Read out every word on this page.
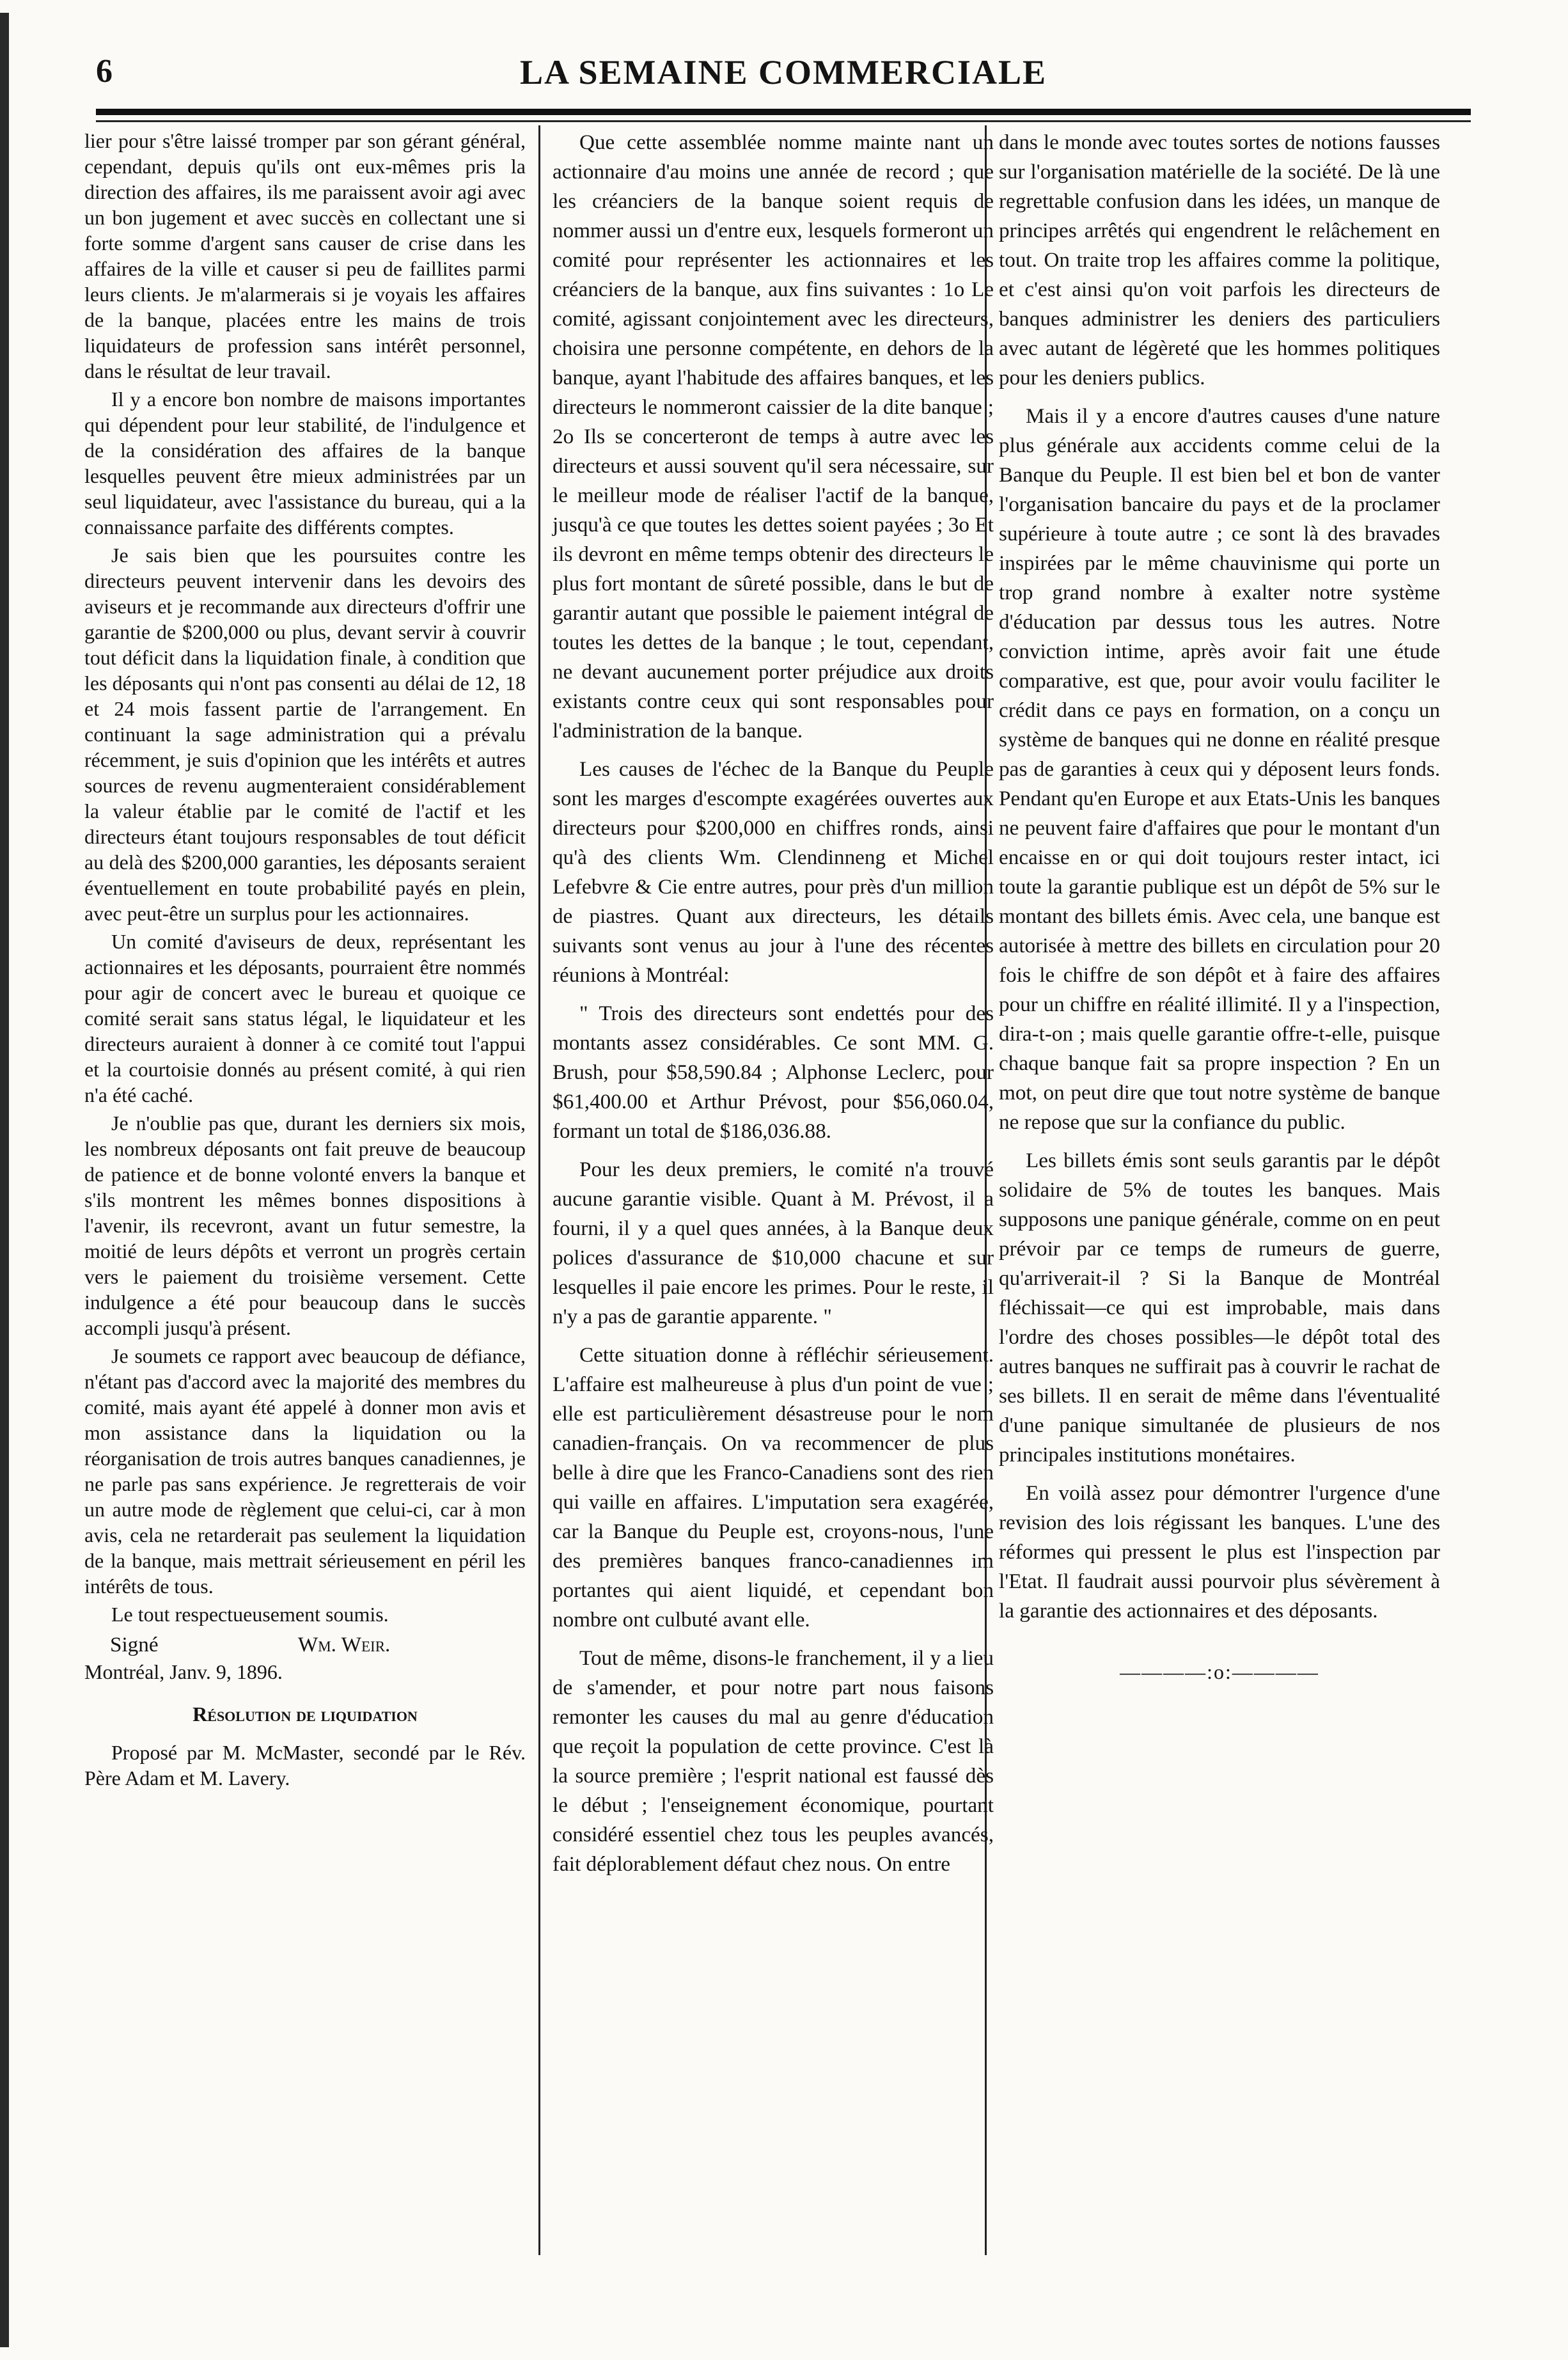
6	LA SEMAINE COMMERCIALE

lier pour s'être laissé tromper par son gérant général, cependant, depuis qu'ils ont eux-mêmes pris la direction des affaires, ils me paraissent avoir agi avec un bon jugement et avec succès en collectant une si forte somme d'argent sans causer de crise dans les affaires de la ville et causer si peu de faillites parmi leurs clients. Je m'alarmerais si je voyais les affaires de la banque, placées entre les mains de trois liquidateurs de profession sans intérêt personnel, dans le résultat de leur travail.

Il y a encore bon nombre de maisons importantes qui dépendent pour leur stabilité, de l'indulgence et de la considération des affaires de la banque lesquelles peuvent être mieux administrées par un seul liquidateur, avec l'assistance du bureau, qui a la connaissance parfaite des différents comptes.

Je sais bien que les poursuites contre les directeurs peuvent intervenir dans les devoirs des aviseurs et je recommande aux directeurs d'offrir une garantie de $200,000 ou plus, devant servir à couvrir tout déficit dans la liquidation finale, à condition que les déposants qui n'ont pas consenti au délai de 12, 18 et 24 mois fassent partie de l'arrangement. En continuant la sage administration qui a prévalu récemment, je suis d'opinion que les intérêts et autres sources de revenu augmenteraient considérablement la valeur établie par le comité de l'actif et les directeurs étant toujours responsables de tout déficit au delà des $200,000 garanties, les déposants seraient éventuellement en toute probabilité payés en plein, avec peut-être un surplus pour les actionnaires.

Un comité d'aviseurs de deux, représentant les actionnaires et les déposants, pourraient être nommés pour agir de concert avec le bureau et quoique ce comité serait sans status légal, le liquidateur et les directeurs auraient à donner à ce comité tout l'appui et la courtoisie donnés au présent comité, à qui rien n'a été caché.

Je n'oublie pas que, durant les derniers six mois, les nombreux déposants ont fait preuve de beaucoup de patience et de bonne volonté envers la banque et s'ils montrent les mêmes bonnes dispositions à l'avenir, ils recevront, avant un futur semestre, la moitié de leurs dépôts et verront un progrès certain vers le paiement du troisième versement. Cette indulgence a été pour beaucoup dans le succès accompli jusqu'à présent.

Je soumets ce rapport avec beaucoup de défiance, n'étant pas d'accord avec la majorité des membres du comité, mais ayant été appelé à donner mon avis et mon assistance dans la liquidation ou la réorganisation de trois autres banques canadiennes, je ne parle pas sans expérience. Je regretterais de voir un autre mode de règlement que celui-ci, car à mon avis, cela ne retarderait pas seulement la liquidation de la banque, mais mettrait sérieusement en péril les intérêts de tous.

Le tout respectueusement soumis.

Signé	Wm. Weir.

Montréal, Janv. 9, 1896.

Résolution de liquidation

Proposé par M. McMaster, secondé par le Rév. Père Adam et M. Lavery.

Que cette assemblée nomme mainte nant un actionnaire d'au moins une année de record ; que les créanciers de la banque soient requis de nommer aussi un d'entre eux, lesquels formeront un comité pour représenter les actionnaires et les créanciers de la banque, aux fins suivantes : 1o Le comité, agissant conjointement avec les directeurs, choisira une personne compétente, en dehors de la banque, ayant l'habitude des affaires banques, et les directeurs le nommeront caissier de la dite banque ; 2o Ils se concerteront de temps à autre avec les directeurs et aussi souvent qu'il sera nécessaire, sur le meilleur mode de réaliser l'actif de la banque, jusqu'à ce que toutes les dettes soient payées ; 3o Et ils devront en même temps obtenir des directeurs le plus fort montant de sûreté possible, dans le but de garantir autant que possible le paiement intégral de toutes les dettes de la banque ; le tout, cependant, ne devant aucunement porter préjudice aux droits existants contre ceux qui sont responsables pour l'administration de la banque.

Les causes de l'échec de la Banque du Peuple sont les marges d'escompte exagérées ouvertes aux directeurs pour $200,000 en chiffres ronds, ainsi qu'à des clients Wm. Clendinneng et Michel Lefebvre & Cie entre autres, pour près d'un million de piastres. Quant aux directeurs, les détails suivants sont venus au jour à l'une des récentes réunions à Montréal:

" Trois des directeurs sont endettés pour des montants assez considérables. Ce sont MM. G. Brush, pour $58,590.84 ; Alphonse Leclerc, pour $61,400.00 et Arthur Prévost, pour $56,060.04, formant un total de $186,036.88.

Pour les deux premiers, le comité n'a trouvé aucune garantie visible. Quant à M. Prévost, il a fourni, il y a quel ques années, à la Banque deux polices d'assurance de $10,000 chacune et sur lesquelles il paie encore les primes. Pour le reste, il n'y a pas de garantie apparente. "

Cette situation donne à réfléchir sérieusement. L'affaire est malheureuse à plus d'un point de vue ; elle est particulièrement désastreuse pour le nom canadien-français. On va recommencer de plus belle à dire que les Franco-Canadiens sont des rien qui vaille en affaires. L'imputation sera exagérée, car la Banque du Peuple est, croyons-nous, l'une des premières banques franco-canadiennes im portantes qui aient liquidé, et cependant bon nombre ont culbuté avant elle.

Tout de même, disons-le franchement, il y a lieu de s'amender, et pour notre part nous faisons remonter les causes du mal au genre d'éducation que reçoit la population de cette province. C'est là la source première ; l'esprit national est faussé dès le début ; l'enseignement économique, pourtant considéré essentiel chez tous les peuples avancés, fait déplorablement défaut chez nous. On entre

dans le monde avec toutes sortes de notions fausses sur l'organisation matérielle de la société. De là une regrettable confusion dans les idées, un manque de principes arrêtés qui engendrent le relâchement en tout. On traite trop les affaires comme la politique, et c'est ainsi qu'on voit parfois les directeurs de banques administrer les deniers des particuliers avec autant de légèreté que les hommes politiques pour les deniers publics.

Mais il y a encore d'autres causes d'une nature plus générale aux accidents comme celui de la Banque du Peuple. Il est bien bel et bon de vanter l'organisation bancaire du pays et de la proclamer supérieure à toute autre ; ce sont là des bravades inspirées par le même chauvinisme qui porte un trop grand nombre à exalter notre système d'éducation par dessus tous les autres. Notre conviction intime, après avoir fait une étude comparative, est que, pour avoir voulu faciliter le crédit dans ce pays en formation, on a conçu un système de banques qui ne donne en réalité presque pas de garanties à ceux qui y déposent leurs fonds. Pendant qu'en Europe et aux Etats-Unis les banques ne peuvent faire d'affaires que pour le montant d'un encaisse en or qui doit toujours rester intact, ici toute la garantie publique est un dépôt de 5% sur le montant des billets émis. Avec cela, une banque est autorisée à mettre des billets en circulation pour 20 fois le chiffre de son dépôt et à faire des affaires pour un chiffre en réalité illimité. Il y a l'inspection, dira-t-on ; mais quelle garantie offre-t-elle, puisque chaque banque fait sa propre inspection ? En un mot, on peut dire que tout notre système de banque ne repose que sur la confiance du public.

Les billets émis sont seuls garantis par le dépôt solidaire de 5% de toutes les banques. Mais supposons une panique générale, comme on en peut prévoir par ce temps de rumeurs de guerre, qu'arriverait-il ? Si la Banque de Montréal fléchissait—ce qui est improbable, mais dans l'ordre des choses possibles—le dépôt total des autres banques ne suffirait pas à couvrir le rachat de ses billets. Il en serait de même dans l'éventualité d'une panique simultanée de plusieurs de nos principales institutions monétaires.

En voilà assez pour démontrer l'urgence d'une revision des lois régissant les banques. L'une des réformes qui pressent le plus est l'inspection par l'Etat. Il faudrait aussi pourvoir plus sévèrement à la garantie des actionnaires et des déposants.

————:o:————
